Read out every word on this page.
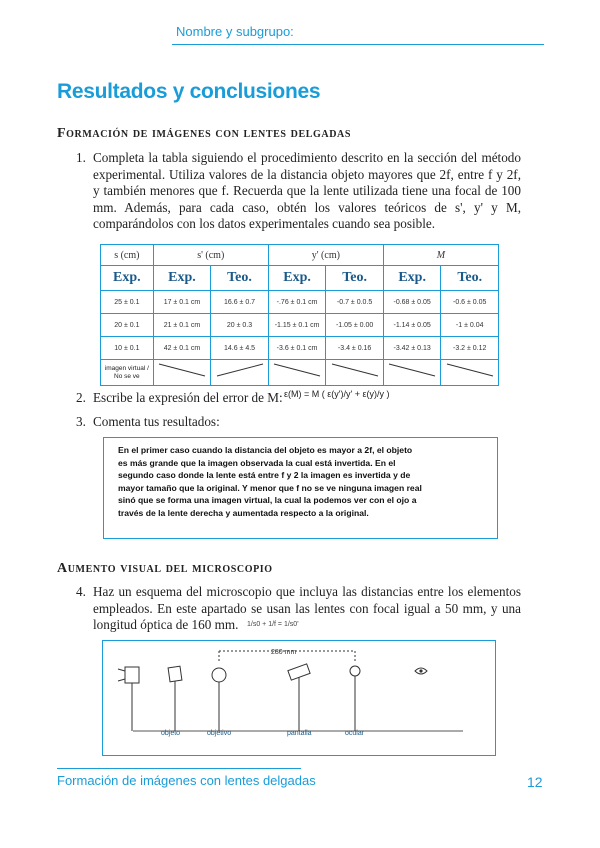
Nombre y subgrupo:
Resultados y conclusiones
Formación de imágenes con lentes delgadas
1. Completa la tabla siguiendo el procedimiento descrito en la sección del método experimental. Utiliza valores de la distancia objeto mayores que 2f, entre f y 2f, y también menores que f. Recuerda que la lente utilizada tiene una focal de 100 mm. Además, para cada caso, obtén los valores teóricos de s', y' y M, comparándolos con los datos experimentales cuando sea posible.
s (cm)	s' (cm)		y' (cm)		M	
Exp.	Exp.	Teo.	Exp.	Teo.	Exp.	Teo.
25 ± 0.1	17 ± 0.1 cm	16.6 ± 0.7	-.76 ± 0.1 cm	-0.7 ± 0.0.5	-0.68 ± 0.05	-0.6 ± 0.05
20 ± 0.1	21 ± 0.1 cm	20 ± 0.3	-1.15 ± 0.1 cm	-1.05 ± 0.00	-1.14 ± 0.05	-1 ± 0.04
10 ± 0.1	42 ± 0.1 cm	14.6 ± 4.5	-3.6 ± 0.1 cm	-3.4 ± 0.16	-3.42 ± 0.13	-3.2 ± 0.12
imagen virtual / No se ve						
2. Escribe la expresión del error de M: ε(M) = M ( ε(y')/y' + ε(y)/y )
3. Comenta tus resultados:
En el primer caso cuando la distancia del objeto es mayor a 2f, el objeto es más grande que la imagen observada la cual está invertida. En el segundo caso donde la lente está entre f y 2 la imagen es invertida y de mayor tamaño que la original. Y menor que f no se ve ninguna imagen real sinó que se forma una imagen virtual, la cual la podemos ver con el ojo a través de la lente derecha y aumentada respecto a la original.
Aumento visual del microscopio
4. Haz un esquema del microscopio que incluya las distancias entre los elementos empleados. En este apartado se usan las lentes con focal igual a 50 mm, y una longitud óptica de 160 mm.	1/s0 + 1/f = 1/s0'
280 mm
objeto	objetivo	pantalla	ocular
Formación de imágenes con lentes delgadas	12
